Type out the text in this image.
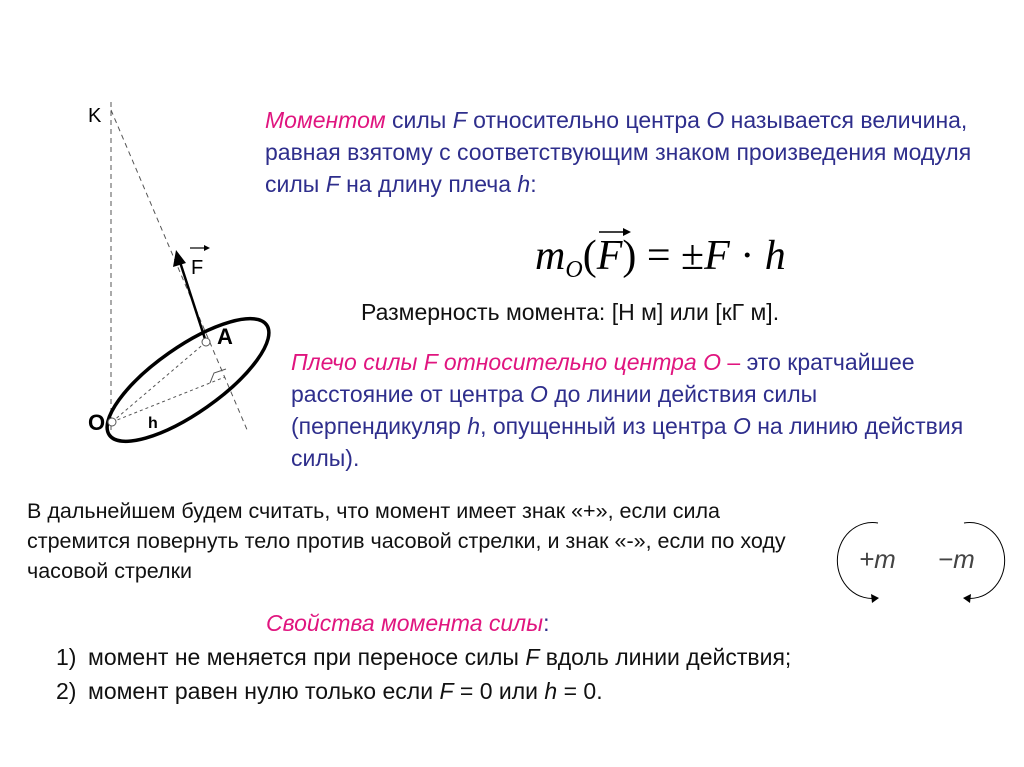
K
F
A
O	h
Моментом силы F относительно центра O называется величина, равная взятому с соответствующим знаком произведения модуля силы F на длину плеча h:
$m_O$(
F) = ±F · h
Размерность момента: [Н м] или [кГ м].
Плечо силы F относительно центра О – это кратчайшее расстояние от центра О до линии действия силы (перпендикуляр h, опущенный из центра О на линию действия силы).
В дальнейшем будем считать, что момент имеет знак «+», если сила стремится повернуть тело против часовой стрелки, и знак «-», если по ходу часовой стрелки	+m −m
Свойства момента силы:
1) момент не меняется при переносе силы F вдоль линии действия;
2) момент равен нулю только если F = 0 или h = 0.
